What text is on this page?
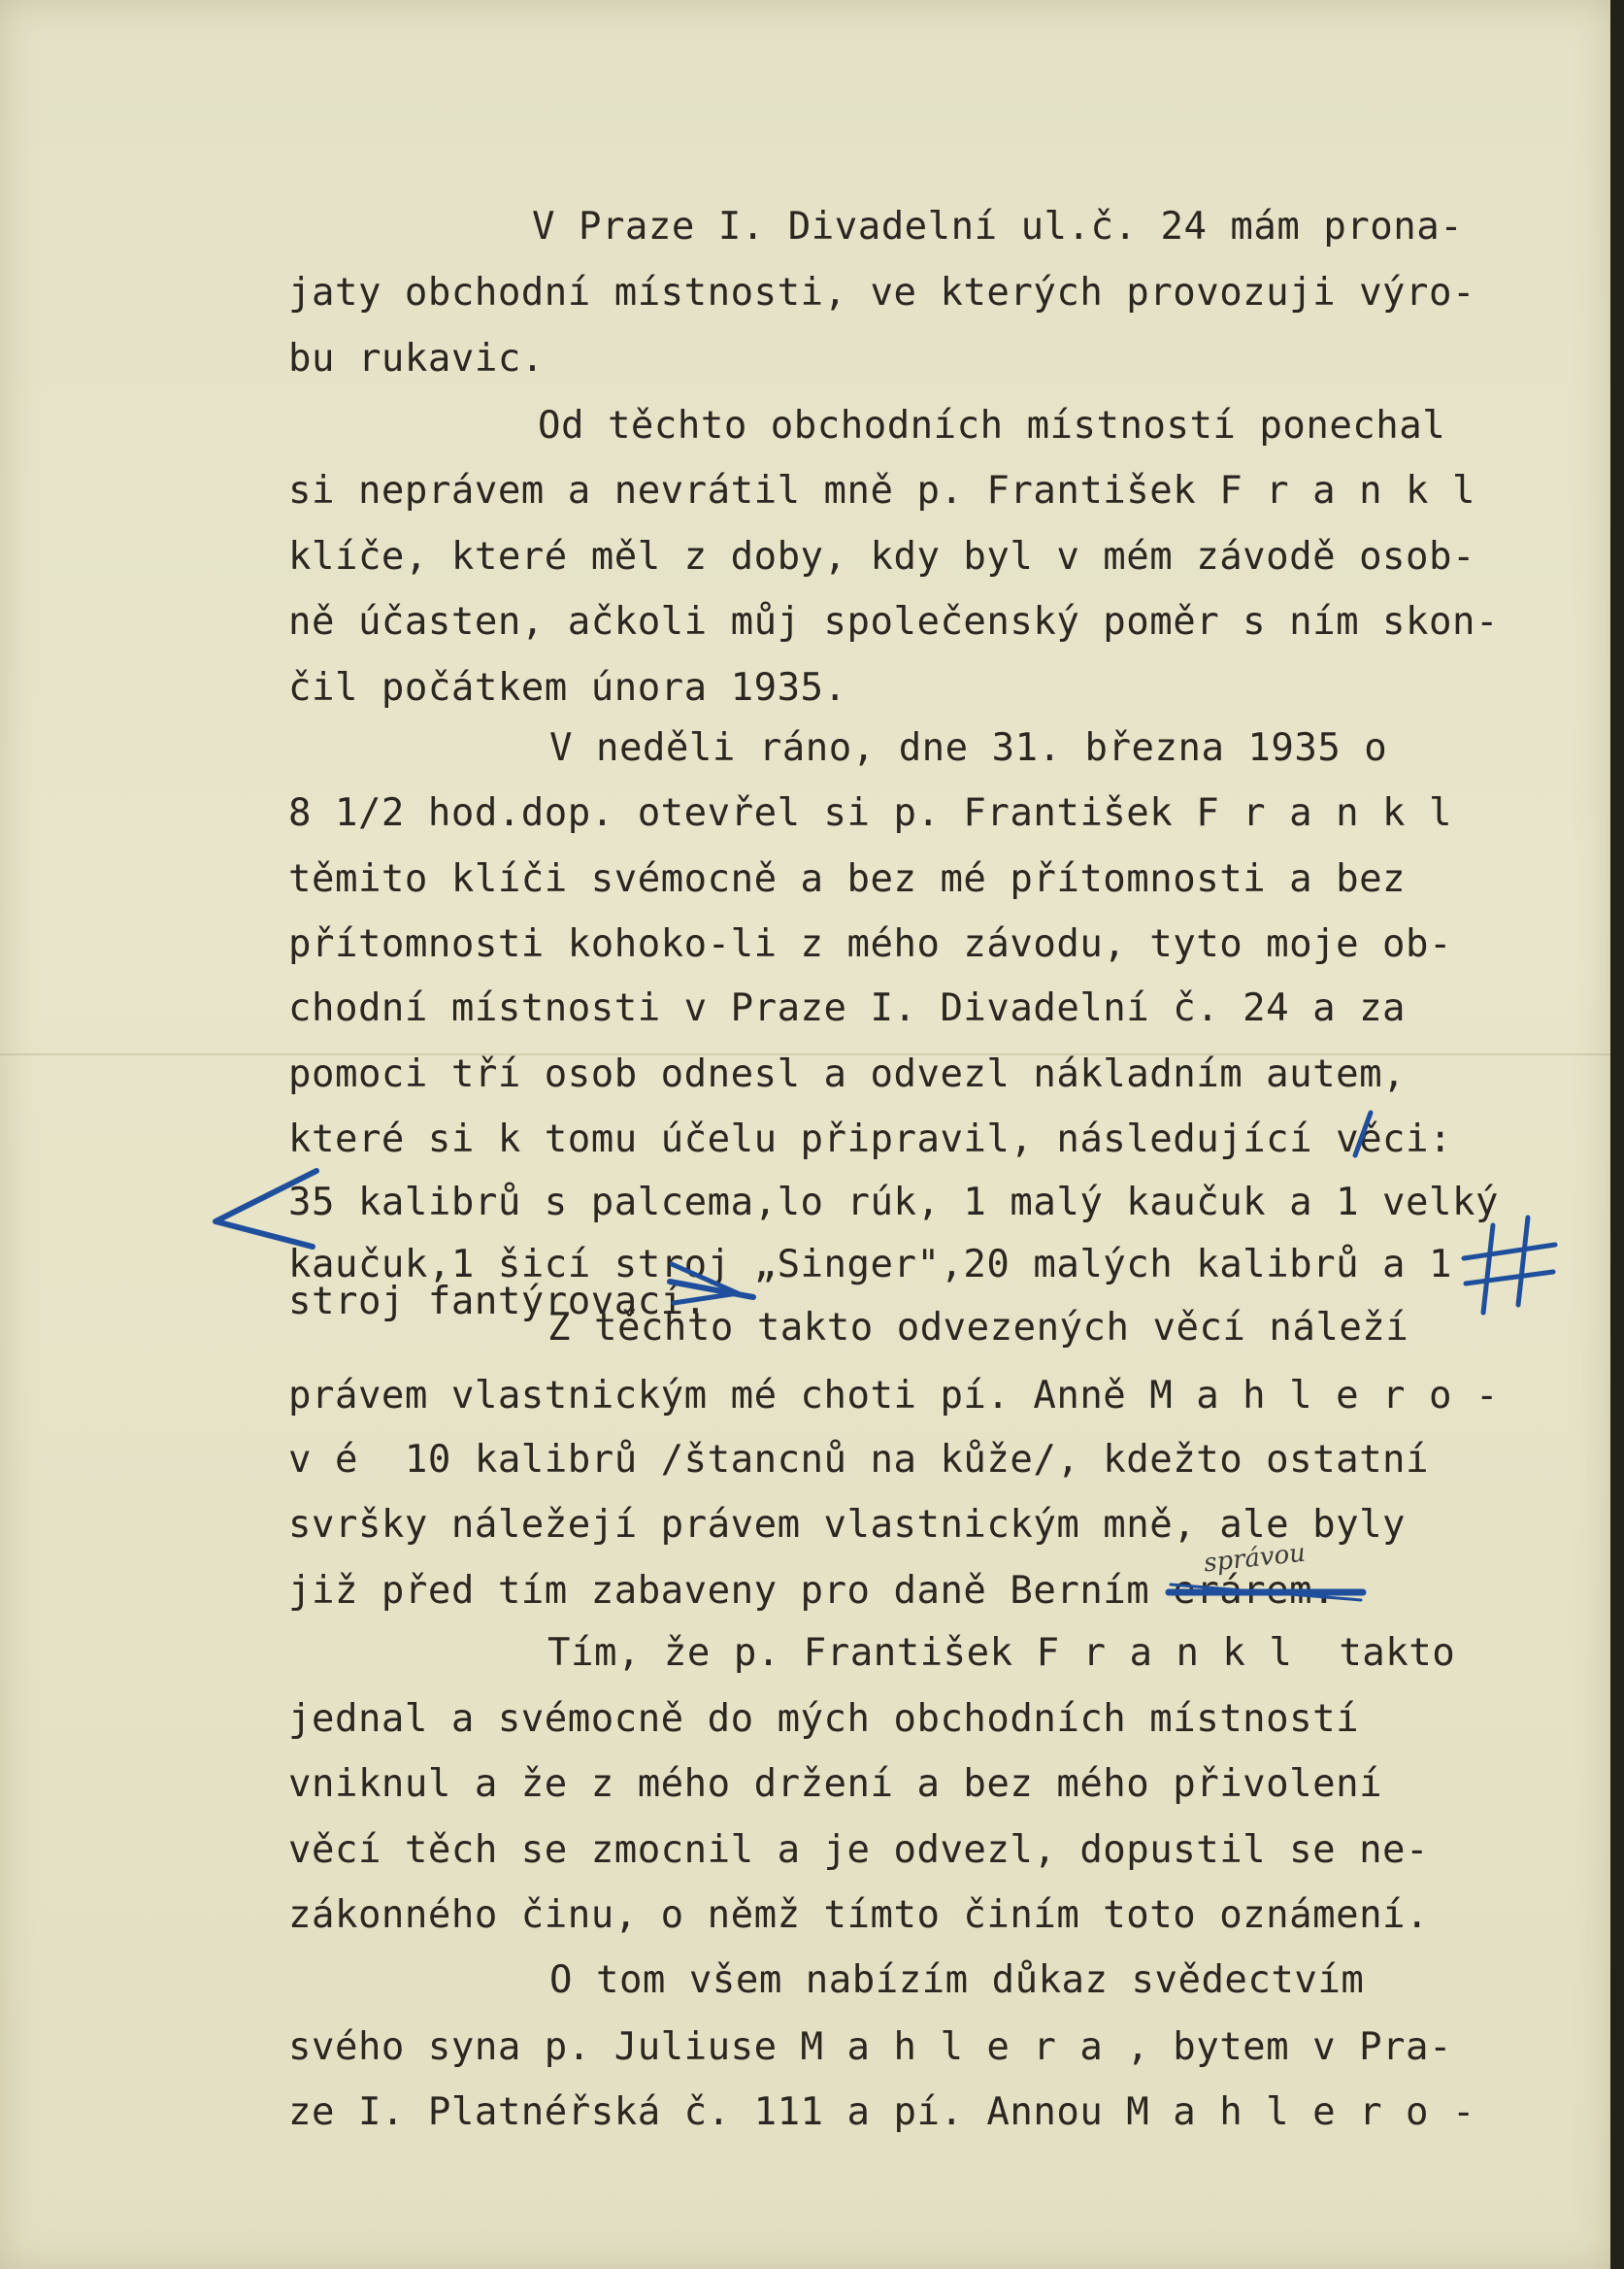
V Praze I. Divadelní ul.č. 24 mám prona-
jaty obchodní místnosti, ve kterých provozuji výro-
bu rukavic.
Od těchto obchodních místností ponechal
si neprávem a nevrátil mně p. František F r a n k l
klíče, které měl z doby, kdy byl v mém závodě osob-
ně účasten, ačkoli můj společenský poměr s ním skon-
čil počátkem února 1935.
V neděli ráno, dne 31. března 1935 o
8 1/2 hod.dop. otevřel si p. František F r a n k l
těmito klíči svémocně a bez mé přítomnosti a bez
přítomnosti kohoko-li z mého závodu, tyto moje ob-
chodní místnosti v Praze I. Divadelní č. 24 a za
pomoci tří osob odnesl a odvezl nákladním autem,
které si k tomu účelu připravil, následující věci:
35 kalibrů s palcema,lo rúk, 1 malý kaučuk a 1 velký
kaučuk,1 šicí stroj „Singer",20 malých kalibrů a 1
stroj fantýrovací.
Z těchto takto odvezených věcí náleží
právem vlastnickým mé choti pí. Anně M a h l e r o -
v é  10 kalibrů /štancnů na kůže/, kdežto ostatní
svršky náležejí právem vlastnickým mně, ale byly
již před tím zabaveny pro daně Berním erárem.
Tím, že p. František F r a n k l  takto
jednal a svémocně do mých obchodních místností
vniknul a že z mého držení a bez mého přivolení
věcí těch se zmocnil a je odvezl, dopustil se ne-
zákonného činu, o němž tímto činím toto oznámení.
O tom všem nabízím důkaz svědectvím
svého syna p. Juliuse M a h l e r a , bytem v Pra-
ze I. Platnéřská č. 111 a pí. Annou M a h l e r o -
správou
